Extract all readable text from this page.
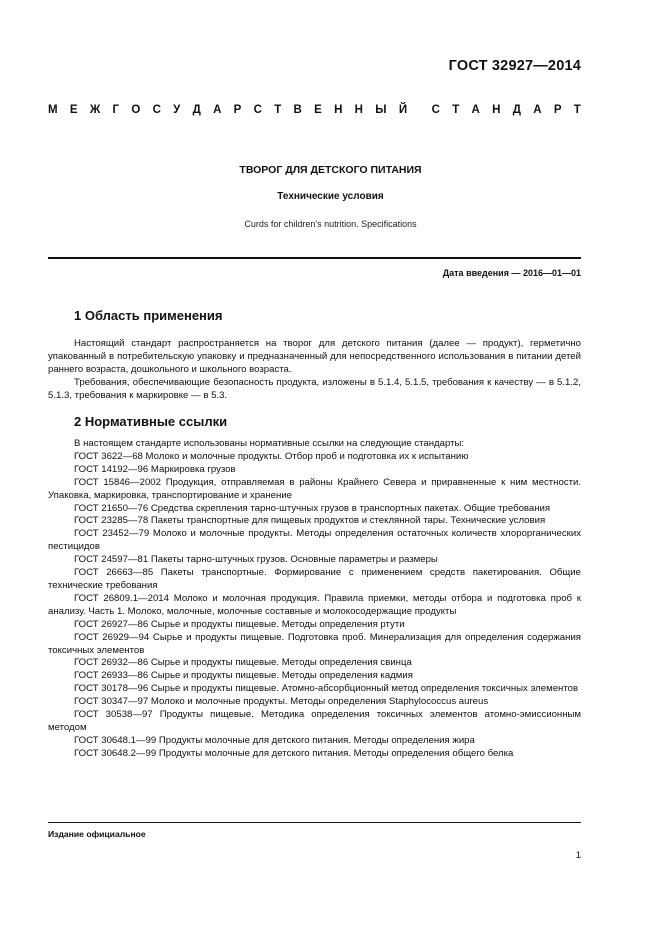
ГОСТ 32927—2014
М Е Ж Г О С У Д А Р С Т В Е Н Н Ы Й С Т А Н Д А Р Т
ТВОРОГ ДЛЯ ДЕТСКОГО ПИТАНИЯ
Технические условия
Curds for children's nutrition. Specifications
Дата введения — 2016—01—01
1 Область применения

Настоящий стандарт распространяется на творог для детского питания (далее — продукт), герметично упакованный в потребительскую упаковку и предназначенный для непосредственного использования в питании детей раннего возраста, дошкольного и школьного возраста.

Требования, обеспечивающие безопасность продукта, изложены в 5.1.4, 5.1.5, требования к качеству — в 5.1.2, 5.1.3, требования к маркировке — в 5.3.

2 Нормативные ссылки

В настоящем стандарте использованы нормативные ссылки на следующие стандарты:

ГОСТ 3622—68 Молоко и молочные продукты. Отбор проб и подготовка их к испытанию

ГОСТ 14192—96 Маркировка грузов

ГОСТ 15846—2002 Продукция, отправляемая в районы Крайнего Севера и приравненные к ним местности. Упаковка, маркировка, транспортирование и хранение

ГОСТ 21650—76 Средства скрепления тарно-штучных грузов в транспортных пакетах. Общие требования

ГОСТ 23285—78 Пакеты транспортные для пищевых продуктов и стеклянной тары. Технические условия

ГОСТ 23452—79 Молоко и молочные продукты. Методы определения остаточных количеств хлорорганических пестицидов

ГОСТ 24597—81 Пакеты тарно-штучных грузов. Основные параметры и размеры

ГОСТ 26663—85 Пакеты транспортные. Формирование с применением средств пакетирования. Общие технические требования

ГОСТ 26809.1—2014 Молоко и молочная продукция. Правила приемки, методы отбора и подготовка проб к анализу. Часть 1. Молоко, молочные, молочные составные и молокосодержащие продукты

ГОСТ 26927—86 Сырье и продукты пищевые. Методы определения ртути

ГОСТ 26929—94 Сырье и продукты пищевые. Подготовка проб. Минерализация для определения содержания токсичных элементов

ГОСТ 26932—86 Сырье и продукты пищевые. Методы определения свинца

ГОСТ 26933—86 Сырье и продукты пищевые. Методы определения кадмия

ГОСТ 30178—96 Сырье и продукты пищевые. Атомно-абсорбционный метод определения токсичных элементов

ГОСТ 30347—97 Молоко и молочные продукты. Методы определения Staphylococcus aureus

ГОСТ 30538—97 Продукты пищевые. Методика определения токсичных элементов атомно-эмиссионным методом

ГОСТ 30648.1—99 Продукты молочные для детского питания. Методы определения жира

ГОСТ 30648.2—99 Продукты молочные для детского питания. Методы определения общего белка

Издание официальное
1
